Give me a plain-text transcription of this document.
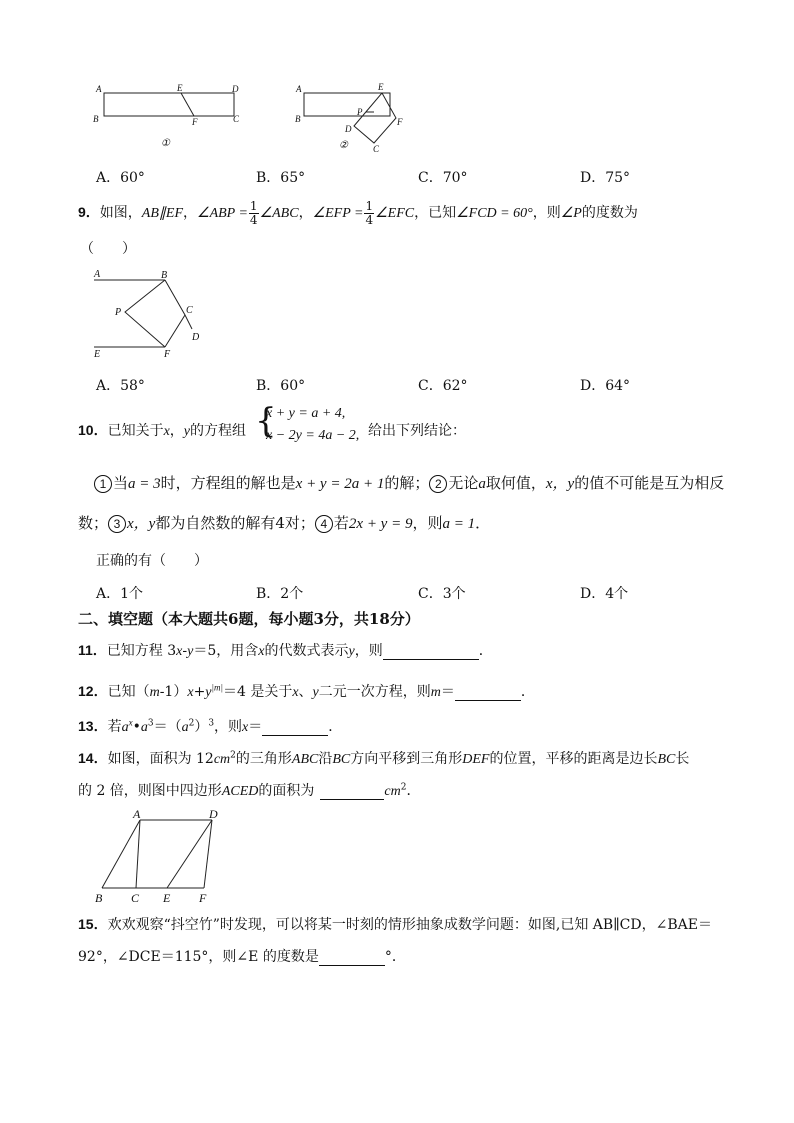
A
B
E
F
D
C
①
A
B
E
P
D
F
C
②
A．60°	B．65°	C．70°	D．75°
9．如图，AB∥EF，∠ABP = $\frac{1}{4}$ ∠ABC，∠EFP = $\frac{1}{4}$ ∠EFC，已知∠FCD = 60°，则∠P的度数为
（　　）
A	B
P	C
D
E	F
A．58°	B．60°	C．62°	D．64°
10．已知关于x，y的方程组 {
x + y = a + 4,
x − 2y = 4a − 2, 给出下列结论：
1 当a = 3时，方程组的解也是x + y = 2a + 1的解； 2 无论a取何值，x，y的值不可能是互为相反
数； 3 x，y都为自然数的解有4对； 4 若2x + y = 9，则a = 1．
正确的有（　　）
A．1个	B．2个	C．3个	D．4个
二、填空题（本大题共6题，每小题3分，共18分）
11．已知方程 3x-y＝5，用含x的代数式表示y，则	．
12．已知$(m-1)x+y^{|m|}=4$ 是关于x、y二元一次方程，则m＝	．
13．若$a^x•a^3=(a^2)^3$，则x＝	．
14．如图，面积为 $12cm^2$的三角形ABC沿BC方向平移到三角形DEF的位置，平移的距离是边长BC长
的 2 倍，则图中四边形ACED的面积为	$cm^2$．
A	D
B C E F
15．欢欢观察“抖空竹”时发现，可以将某一时刻的情形抽象成数学问题：如图,已知 AB∥CD，∠BAE＝
92°，∠DCE＝115°，则∠E 的度数是	°．
